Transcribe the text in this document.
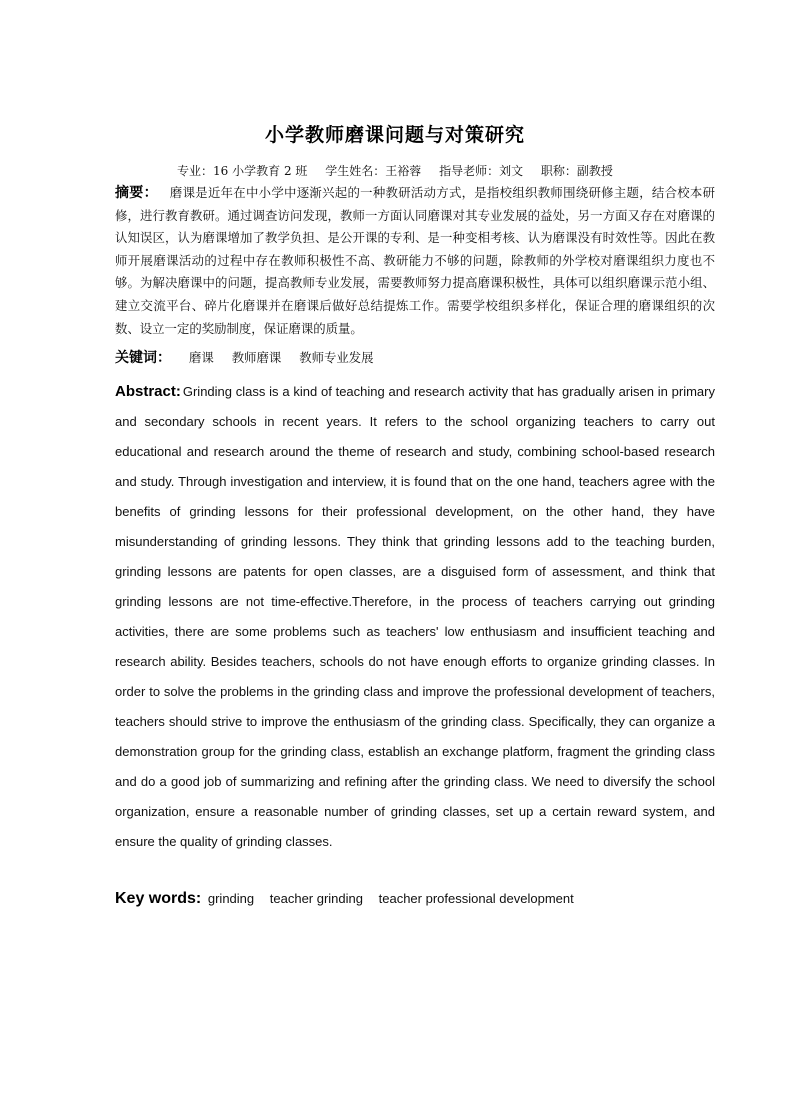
小学教师磨课问题与对策研究
专业：16 小学教育 2 班 学生姓名：王裕蓉 指导老师：刘文 职称：副教授

摘要： 磨课是近年在中小学中逐渐兴起的一种教研活动方式，是指校组织教师围绕研修主题，结合校本研修，进行教育教研。通过调查访问发现，教师一方面认同磨课对其专业发展的益处，另一方面又存在对磨课的认知误区，认为磨课增加了教学负担、是公开课的专利、是一种变相考核、认为磨课没有时效性等。因此在教师开展磨课活动的过程中存在教师积极性不高、教研能力不够的问题，除教师的外学校对磨课组织力度也不够。为解决磨课中的问题，提高教师专业发展，需要教师努力提高磨课积极性，具体可以组织磨课示范小组、建立交流平台、碎片化磨课并在磨课后做好总结提炼工作。需要学校组织多样化，保证合理的磨课组织的次数、设立一定的奖励制度，保证磨课的质量。

关键词： 磨课 教师磨课 教师专业发展

Abstract: Grinding class is a kind of teaching and research activity that has gradually arisen in primary and secondary schools in recent years. It refers to the school organizing teachers to carry out educational and research around the theme of research and study, combining school-based research and study. Through investigation and interview, it is found that on the one hand, teachers agree with the benefits of grinding lessons for their professional development, on the other hand, they have misunderstanding of grinding lessons. They think that grinding lessons add to the teaching burden, grinding lessons are patents for open classes, are a disguised form of assessment, and think that grinding lessons are not time-effective.Therefore, in the process of teachers carrying out grinding activities, there are some problems such as teachers' low enthusiasm and insufficient teaching and research ability. Besides teachers, schools do not have enough efforts to organize grinding classes. In order to solve the problems in the grinding class and improve the professional development of teachers, teachers should strive to improve the enthusiasm of the grinding class. Specifically, they can organize a demonstration group for the grinding class, establish an exchange platform, fragment the grinding class and do a good job of summarizing and refining after the grinding class. We need to diversify the school organization, ensure a reasonable number of grinding classes, set up a certain reward system, and ensure the quality of grinding classes.

Key words: grinding teacher grinding teacher professional development
